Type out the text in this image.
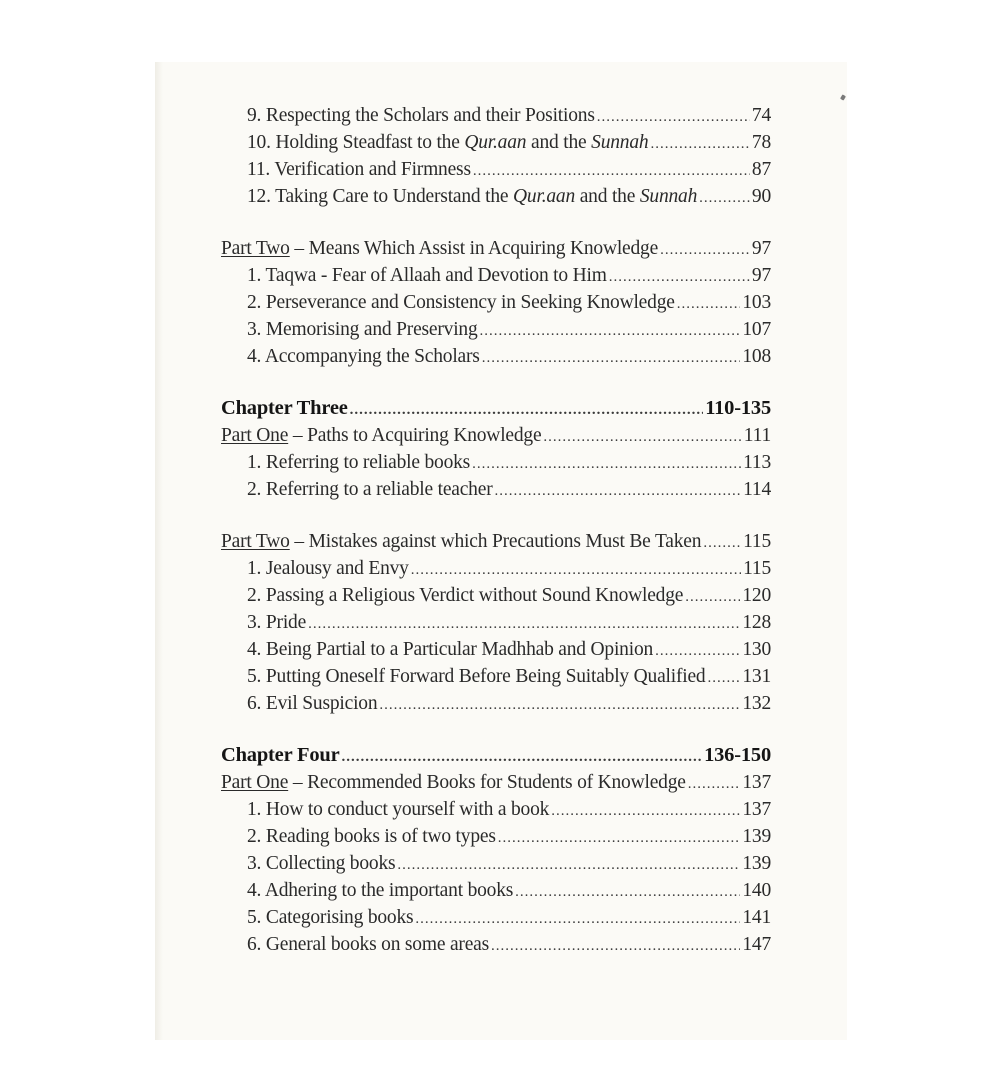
9. Respecting the Scholars and their Positions .....	74
10. Holding Steadfast to the Qur.aan and the Sunnah .....	78
11. Verification and Firmness .....	87
12. Taking Care to Understand the Qur.aan and the Sunnah .....	90
Part Two – Means Which Assist in Acquiring Knowledge .....	97
1. Taqwa - Fear of Allaah and Devotion to Him .....	97
2. Perseverance and Consistency in Seeking Knowledge .....	103
3. Memorising and Preserving .....	107
4. Accompanying the Scholars .....	108
Chapter Three .....	110-135
Part One – Paths to Acquiring Knowledge .....	111
1. Referring to reliable books .....	113
2. Referring to a reliable teacher .....	114
Part Two – Mistakes against which Precautions Must Be Taken ..... 115
1. Jealousy and Envy .....	115
2. Passing a Religious Verdict without Sound Knowledge .....	120
3. Pride .....	128
4. Being Partial to a Particular Madhhab and Opinion .....	130
5. Putting Oneself Forward Before Being Suitably Qualified ..... 131
6. Evil Suspicion .....	132
Chapter Four .....	136-150
Part One – Recommended Books for Students of Knowledge .....	137
1. How to conduct yourself with a book .....	137
2. Reading books is of two types .....	139
3. Collecting books .....	139
4. Adhering to the important books .....	140
5. Categorising books .....	141
6. General books on some areas .....	147
